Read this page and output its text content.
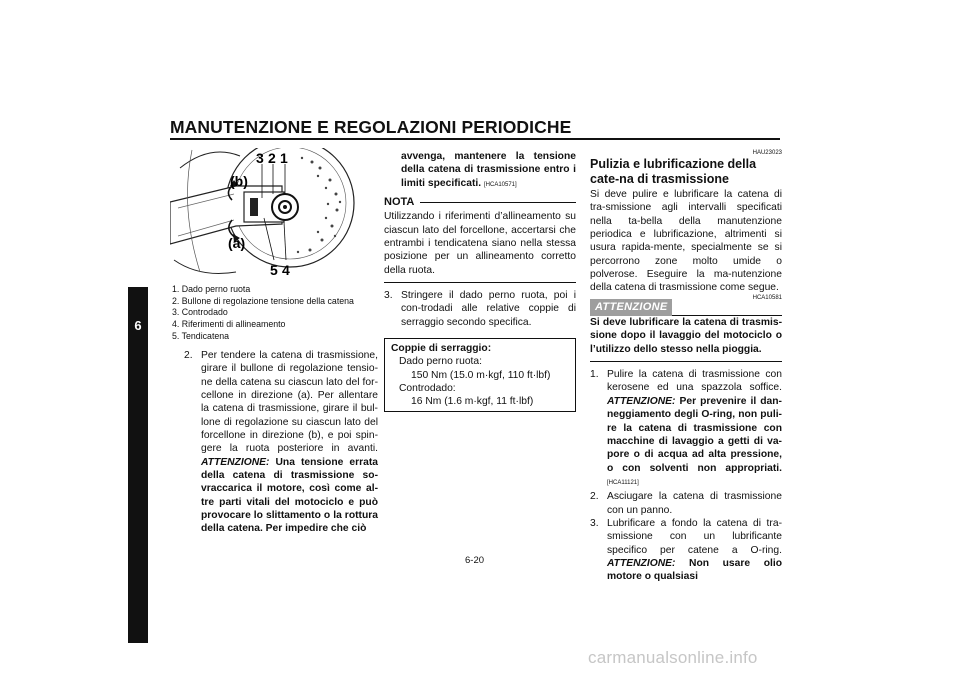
MANUTENZIONE E REGOLAZIONI PERIODICHE
6
3 2 1
(b)
(a)
5 4
1. Dado perno ruota
2. Bullone di regolazione tensione della catena
3. Controdado
4. Riferimenti di allineamento
5. Tendicatena
2. Per tendere la catena di trasmissione, girare il bullone di regolazione tensio-ne della catena su ciascun lato del for-cellone in direzione (a). Per allentare la catena di trasmissione, girare il bul-lone di regolazione su ciascun lato del forcellone in direzione (b), e poi spin-gere la ruota posteriore in avanti. ATTENZIONE: Una tensione errata della catena di trasmissione so-vraccarica il motore, così come al-tre parti vitali del motociclo e può provocare lo slittamento o la rottura della catena. Per impedire che ciò

avvenga, mantenere la tensione della catena di trasmissione entro i limiti specificati. [HCA10571]

NOTA

Utilizzando i riferimenti d’allineamento su ciascun lato del forcellone, accertarsi che entrambi i tendicatena siano nella stessa posizione per un allineamento corretto della ruota.

3. Stringere il dado perno ruota, poi i con-trodadi alle relative coppie di serraggio secondo specifica.
Coppie di serraggio:
Dado perno ruota:
150 Nm (15.0 m·kgf, 110 ft·lbf)
Controdado:
16 Nm (1.6 m·kgf, 11 ft·lbf)
HAU23023
Pulizia e lubrificazione della cate-na di trasmissione

Si deve pulire e lubrificare la catena di tra-smissione agli intervalli specificati nella ta-bella della manutenzione periodica e lubrificazione, altrimenti si usura rapida-mente, specialmente se si percorrono zone molto umide o polverose. Eseguire la ma-nutenzione della catena di trasmissione come segue.

ATTENZIONE
HCA10581

Si deve lubrificare la catena di trasmis-sione dopo il lavaggio del motociclo o l’utilizzo dello stesso nella pioggia.

1. Pulire la catena di trasmissione con kerosene ed una spazzola soffice. ATTENZIONE: Per prevenire il dan-neggiamento degli O-ring, non puli-re la catena di trasmissione con macchine di lavaggio a getti di va-pore o di acqua ad alta pressione, o con solventi non appropriati. [HCA11121]
2. Asciugare la catena di trasmissione con un panno.
3. Lubrificare a fondo la catena di tra-smissione con un lubrificante specifico per catene a O-ring. ATTENZIONE: Non usare olio motore o qualsiasi
6-20
carmanualsonline.info
